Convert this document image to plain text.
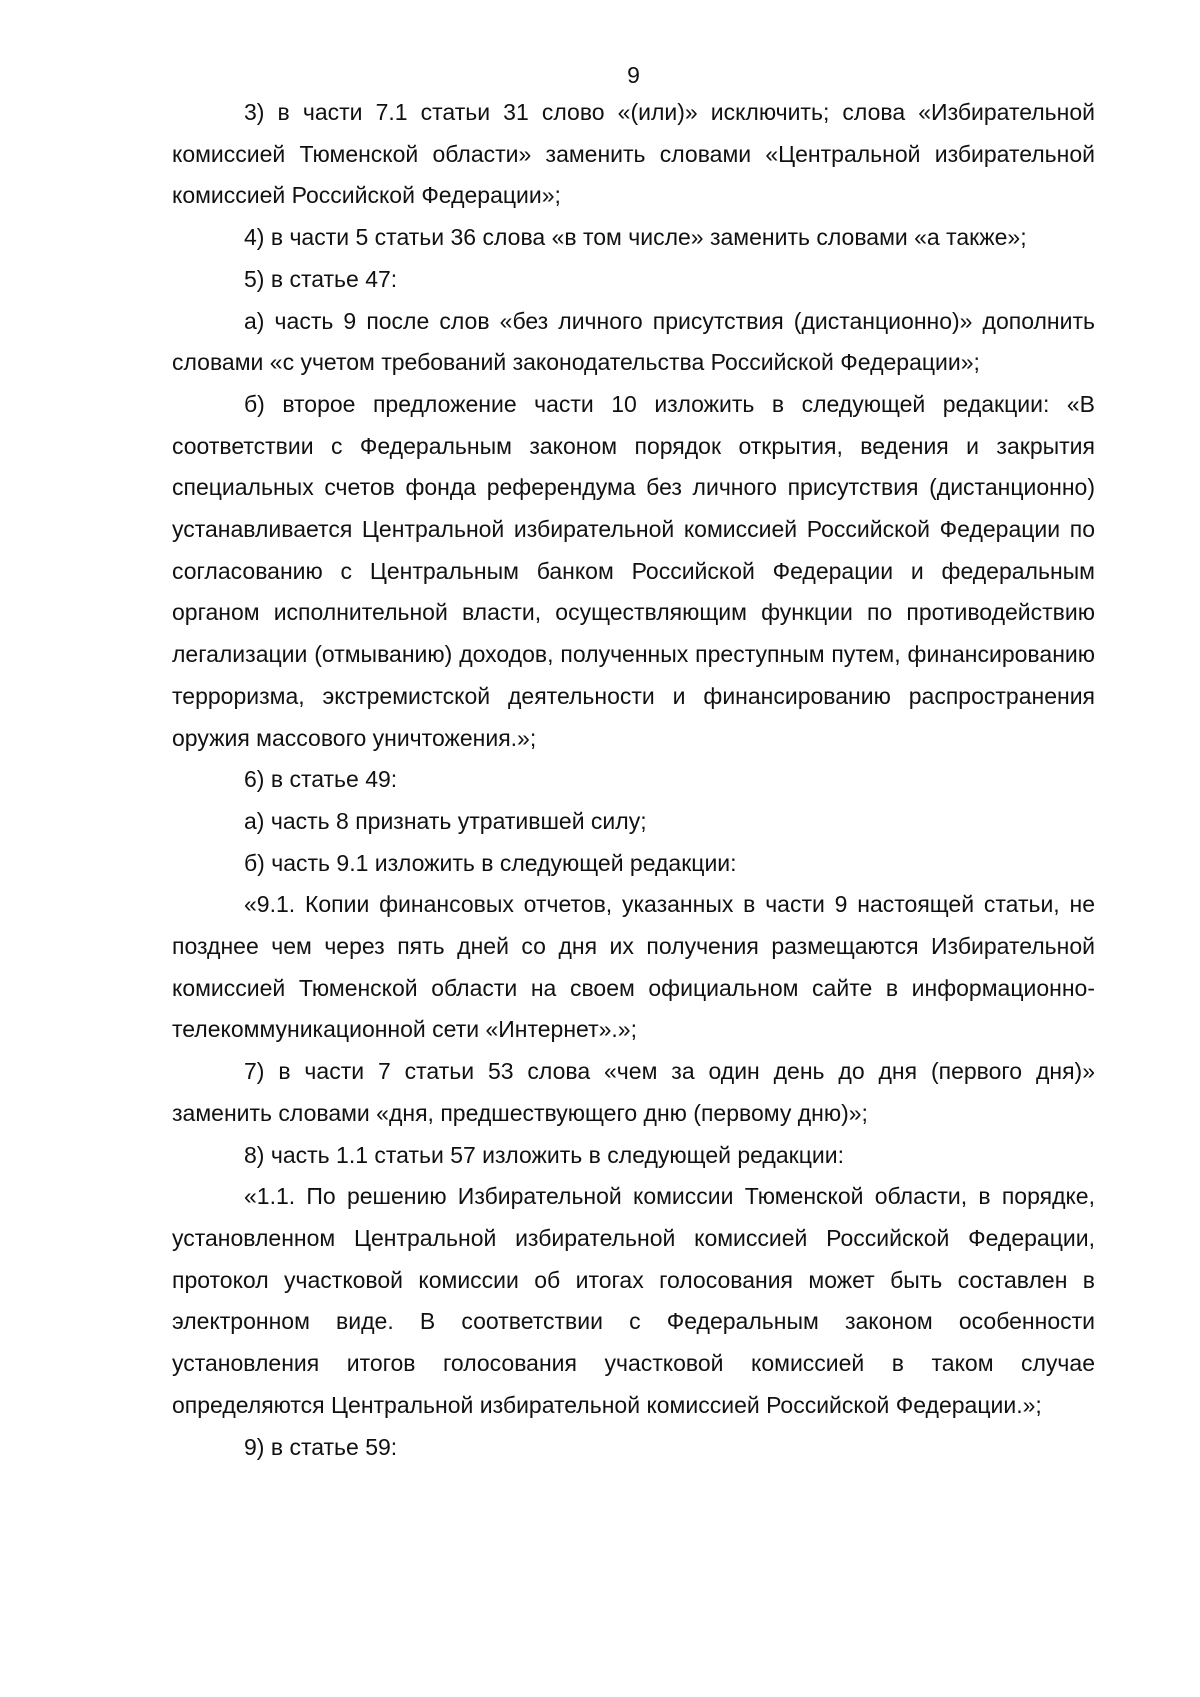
9

3) в части 7.1 статьи 31 слово «(или)» исключить; слова «Избирательной комиссией Тюменской области» заменить словами «Центральной избирательной комиссией Российской Федерации»;

4) в части 5 статьи 36 слова «в том числе» заменить словами «а также»;

5) в статье 47:

а) часть 9 после слов «без личного присутствия (дистанционно)» дополнить словами «с учетом требований законодательства Российской Федерации»;

б) второе предложение части 10 изложить в следующей редакции: «В соответствии с Федеральным законом порядок открытия, ведения и закрытия специальных счетов фонда референдума без личного присутствия (дистанционно) устанавливается Центральной избирательной комиссией Российской Федерации по согласованию с Центральным банком Российской Федерации и федеральным органом исполнительной власти, осуществляющим функции по противодействию легализации (отмыванию) доходов, полученных преступным путем, финансированию терроризма, экстремистской деятельности и финансированию распространения оружия массового уничтожения.»;

6) в статье 49:

а) часть 8 признать утратившей силу;

б) часть 9.1 изложить в следующей редакции:

«9.1. Копии финансовых отчетов, указанных в части 9 настоящей статьи, не позднее чем через пять дней со дня их получения размещаются Избирательной комиссией Тюменской области на своем официальном сайте в информационно-телекоммуникационной сети «Интернет».»;

7) в части 7 статьи 53 слова «чем за один день до дня (первого дня)» заменить словами «дня, предшествующего дню (первому дню)»;

8) часть 1.1 статьи 57 изложить в следующей редакции:

«1.1. По решению Избирательной комиссии Тюменской области, в порядке, установленном Центральной избирательной комиссией Российской Федерации, протокол участковой комиссии об итогах голосования может быть составлен в электронном виде. В соответствии с Федеральным законом особенности установления итогов голосования участковой комиссией в таком случае определяются Центральной избирательной комиссией Российской Федерации.»;

9) в статье 59:
